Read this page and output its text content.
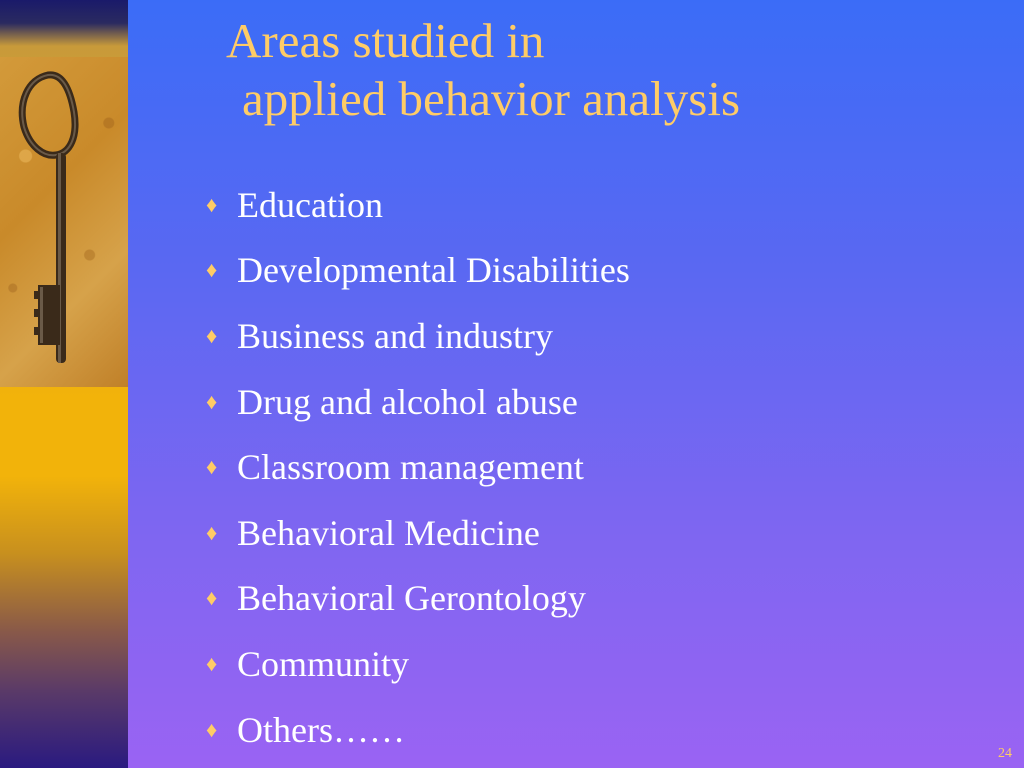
Areas studied in
applied behavior analysis
♦ Education
♦ Developmental Disabilities
♦ Business and industry
♦ Drug and alcohol abuse
♦ Classroom management
♦ Behavioral Medicine
♦ Behavioral Gerontology
♦ Community
♦ Others……
24
